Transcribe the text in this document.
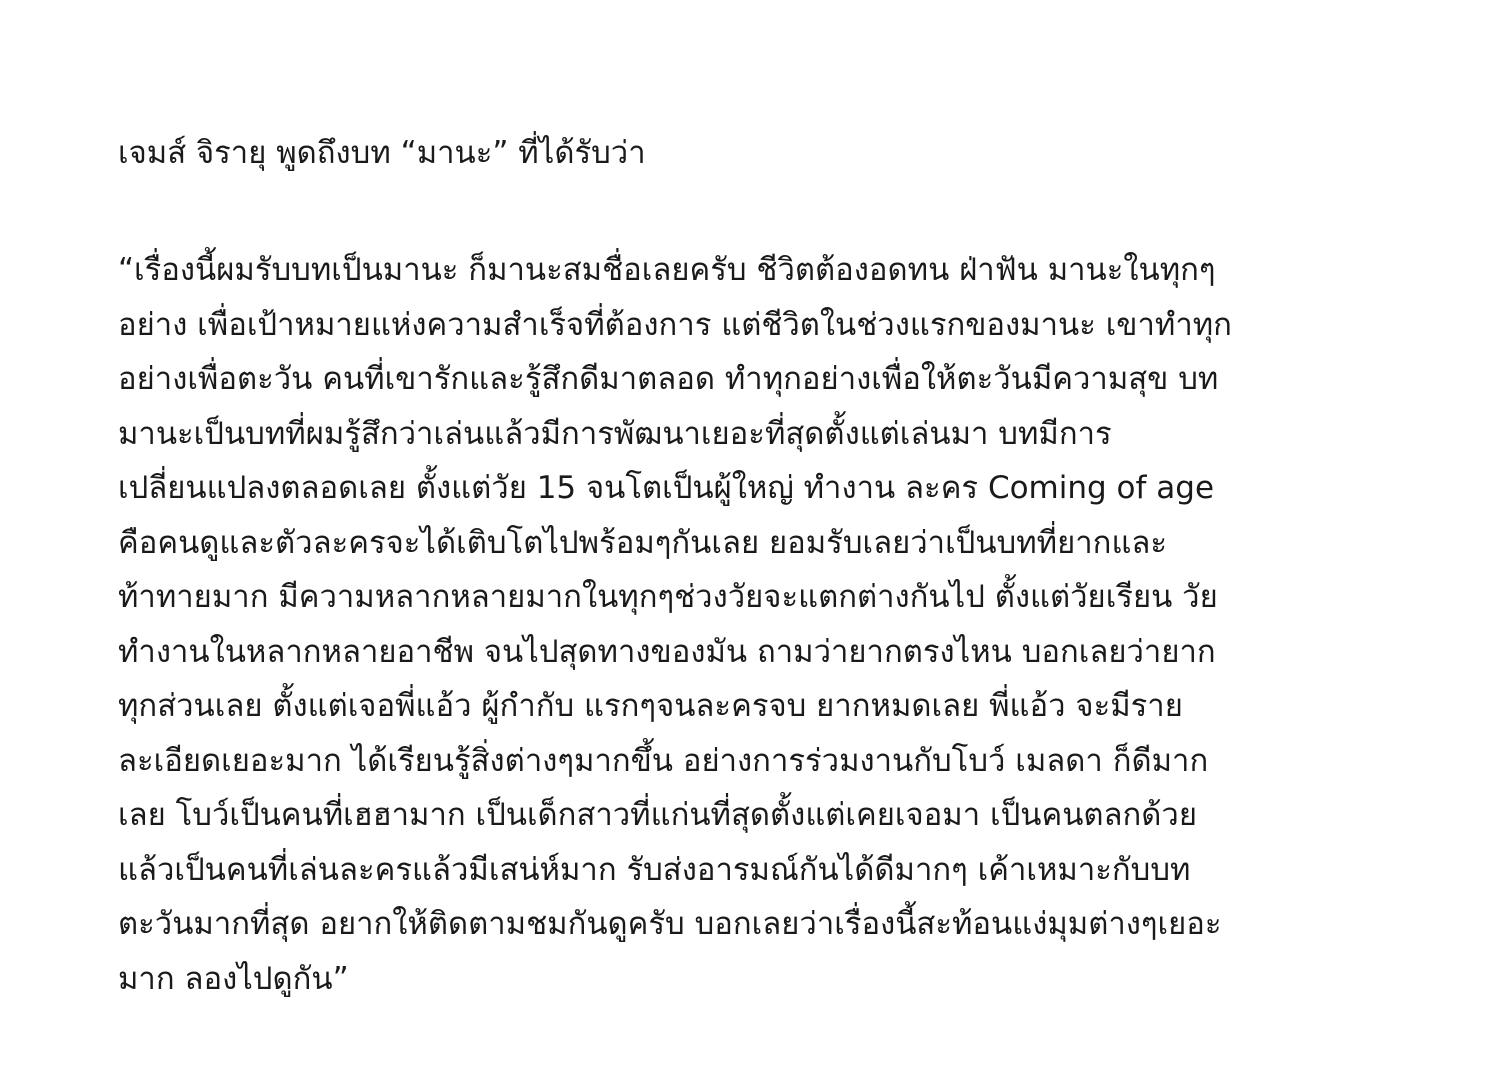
เจมส์ จิรายุ พูดถึงบท “มานะ” ที่ได้รับว่า
“เรื่องนี้ผมรับบทเป็นมานะ ก็มานะสมชื่อเลยครับ ชีวิตต้องอดทน ฝ่าฟัน มานะในทุกๆ
อย่าง เพื่อเป้าหมายแห่งความสำเร็จที่ต้องการ แต่ชีวิตในช่วงแรกของมานะ เขาทำทุก
อย่างเพื่อตะวัน คนที่เขารักและรู้สึกดีมาตลอด ทำทุกอย่างเพื่อให้ตะวันมีความสุข บท
มานะเป็นบทที่ผมรู้สึกว่าเล่นแล้วมีการพัฒนาเยอะที่สุดตั้งแต่เล่นมา บทมีการ
เปลี่ยนแปลงตลอดเลย ตั้งแต่วัย 15 จนโตเป็นผู้ใหญ่ ทำงาน ละคร Coming of age
คือคนดูและตัวละครจะได้เติบโตไปพร้อมๆกันเลย ยอมรับเลยว่าเป็นบทที่ยากและ
ท้าทายมาก มีความหลากหลายมากในทุกๆช่วงวัยจะแตกต่างกันไป ตั้งแต่วัยเรียน วัย
ทำงานในหลากหลายอาชีพ จนไปสุดทางของมัน ถามว่ายากตรงไหน บอกเลยว่ายาก
ทุกส่วนเลย ตั้งแต่เจอพี่แอ้ว ผู้กำกับ แรกๆจนละครจบ ยากหมดเลย พี่แอ้ว จะมีราย
ละเอียดเยอะมาก ได้เรียนรู้สิ่งต่างๆมากขึ้น อย่างการร่วมงานกับโบว์ เมลดา ก็ดีมาก
เลย โบว์เป็นคนที่เฮฮามาก เป็นเด็กสาวที่แก่นที่สุดตั้งแต่เคยเจอมา เป็นคนตลกด้วย
แล้วเป็นคนที่เล่นละครแล้วมีเสน่ห์มาก รับส่งอารมณ์กันได้ดีมากๆ เค้าเหมาะกับบท
ตะวันมากที่สุด อยากให้ติดตามชมกันดูครับ บอกเลยว่าเรื่องนี้สะท้อนแง่มุมต่างๆเยอะ
มาก ลองไปดูกัน”
